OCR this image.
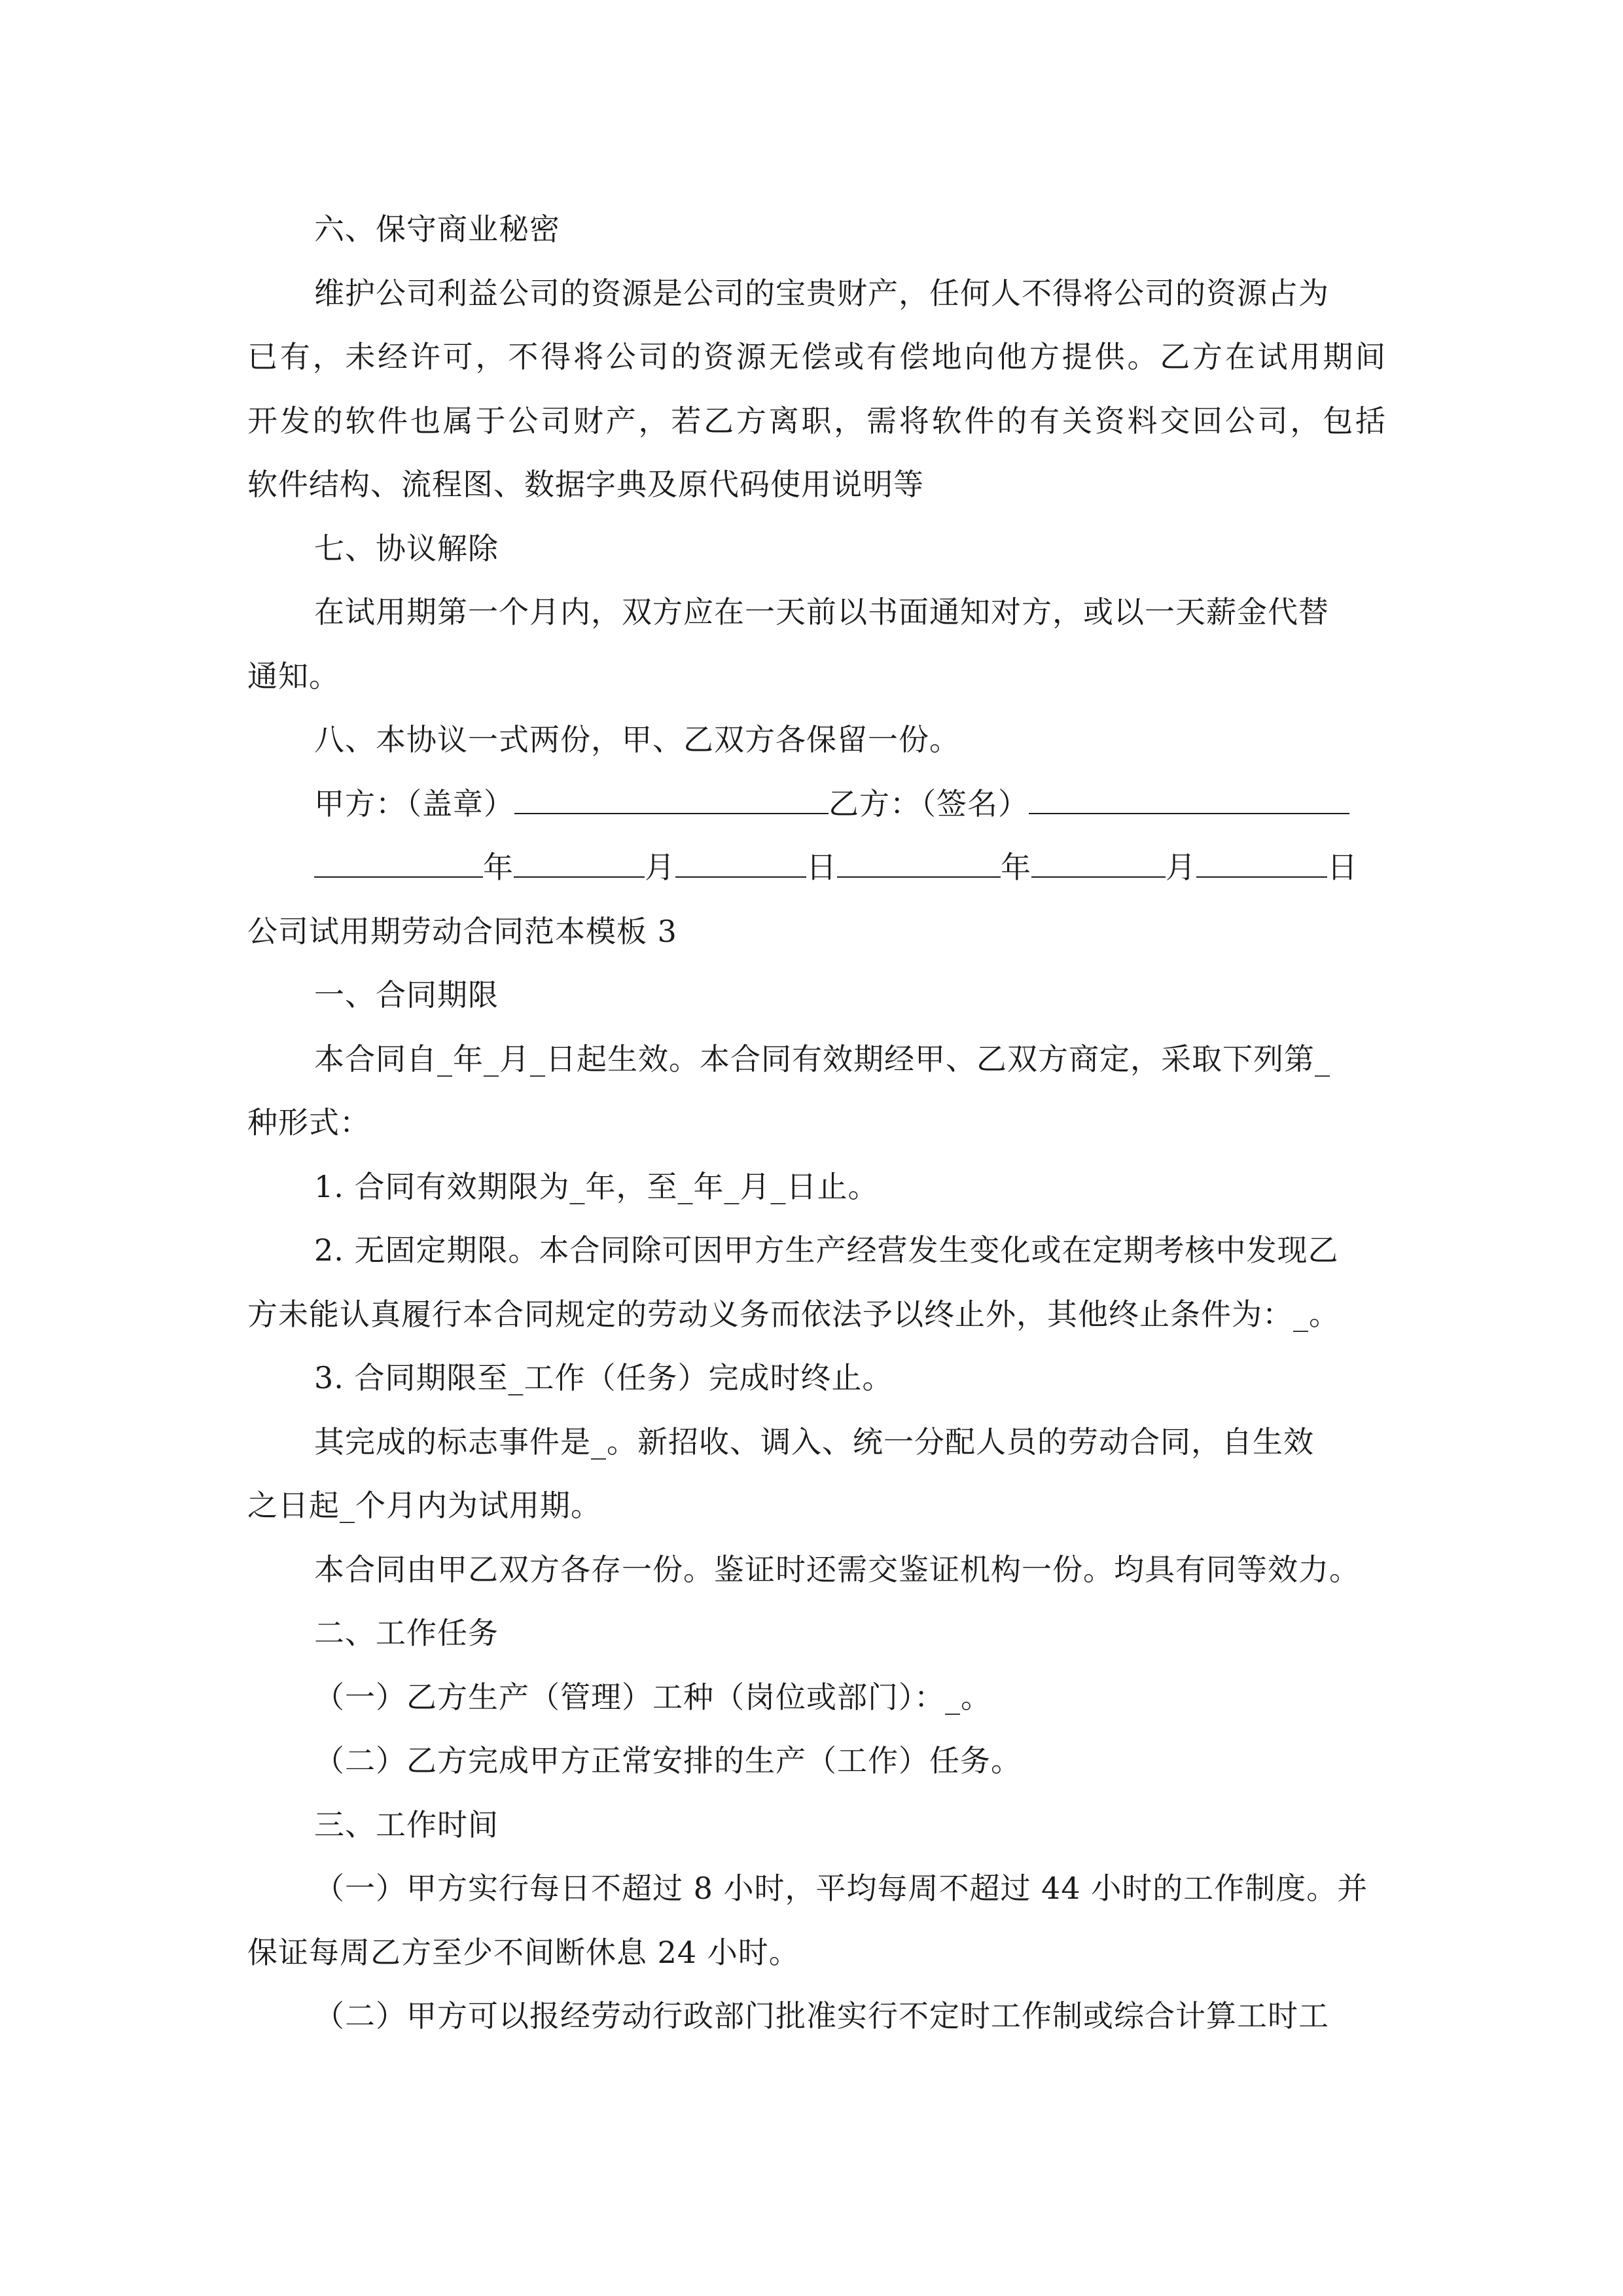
六、保守商业秘密
维护公司利益公司的资源是公司的宝贵财产，任何人不得将公司的资源占为
已有，未经许可，不得将公司的资源无偿或有偿地向他方提供。乙方在试用期间
开发的软件也属于公司财产，若乙方离职，需将软件的有关资料交回公司，包括
软件结构、流程图、数据字典及原代码使用说明等
七、协议解除
在试用期第一个月内，双方应在一天前以书面通知对方，或以一天薪金代替
通知。
八、本协议一式两份，甲、乙双方各保留一份。
甲方：（盖章）	乙方：（签名）
年	月	日	年	月	日
公司试用期劳动合同范本模板 3
一、合同期限
本合同自_年_月_日起生效。本合同有效期经甲、乙双方商定，采取下列第_
种形式：
1. 合同有效期限为_年，至_年_月_日止。
2. 无固定期限。本合同除可因甲方生产经营发生变化或在定期考核中发现乙
方未能认真履行本合同规定的劳动义务而依法予以终止外，其他终止条件为：_。
3. 合同期限至_工作（任务）完成时终止。
其完成的标志事件是_。新招收、调入、统一分配人员的劳动合同，自生效
之日起_个月内为试用期。
本合同由甲乙双方各存一份。鉴证时还需交鉴证机构一份。均具有同等效力。
二、工作任务
（一）乙方生产（管理）工种（岗位或部门）：_。
（二）乙方完成甲方正常安排的生产（工作）任务。
三、工作时间
（一）甲方实行每日不超过 8 小时，平均每周不超过 44 小时的工作制度。并
保证每周乙方至少不间断休息 24 小时。
（二）甲方可以报经劳动行政部门批准实行不定时工作制或综合计算工时工
